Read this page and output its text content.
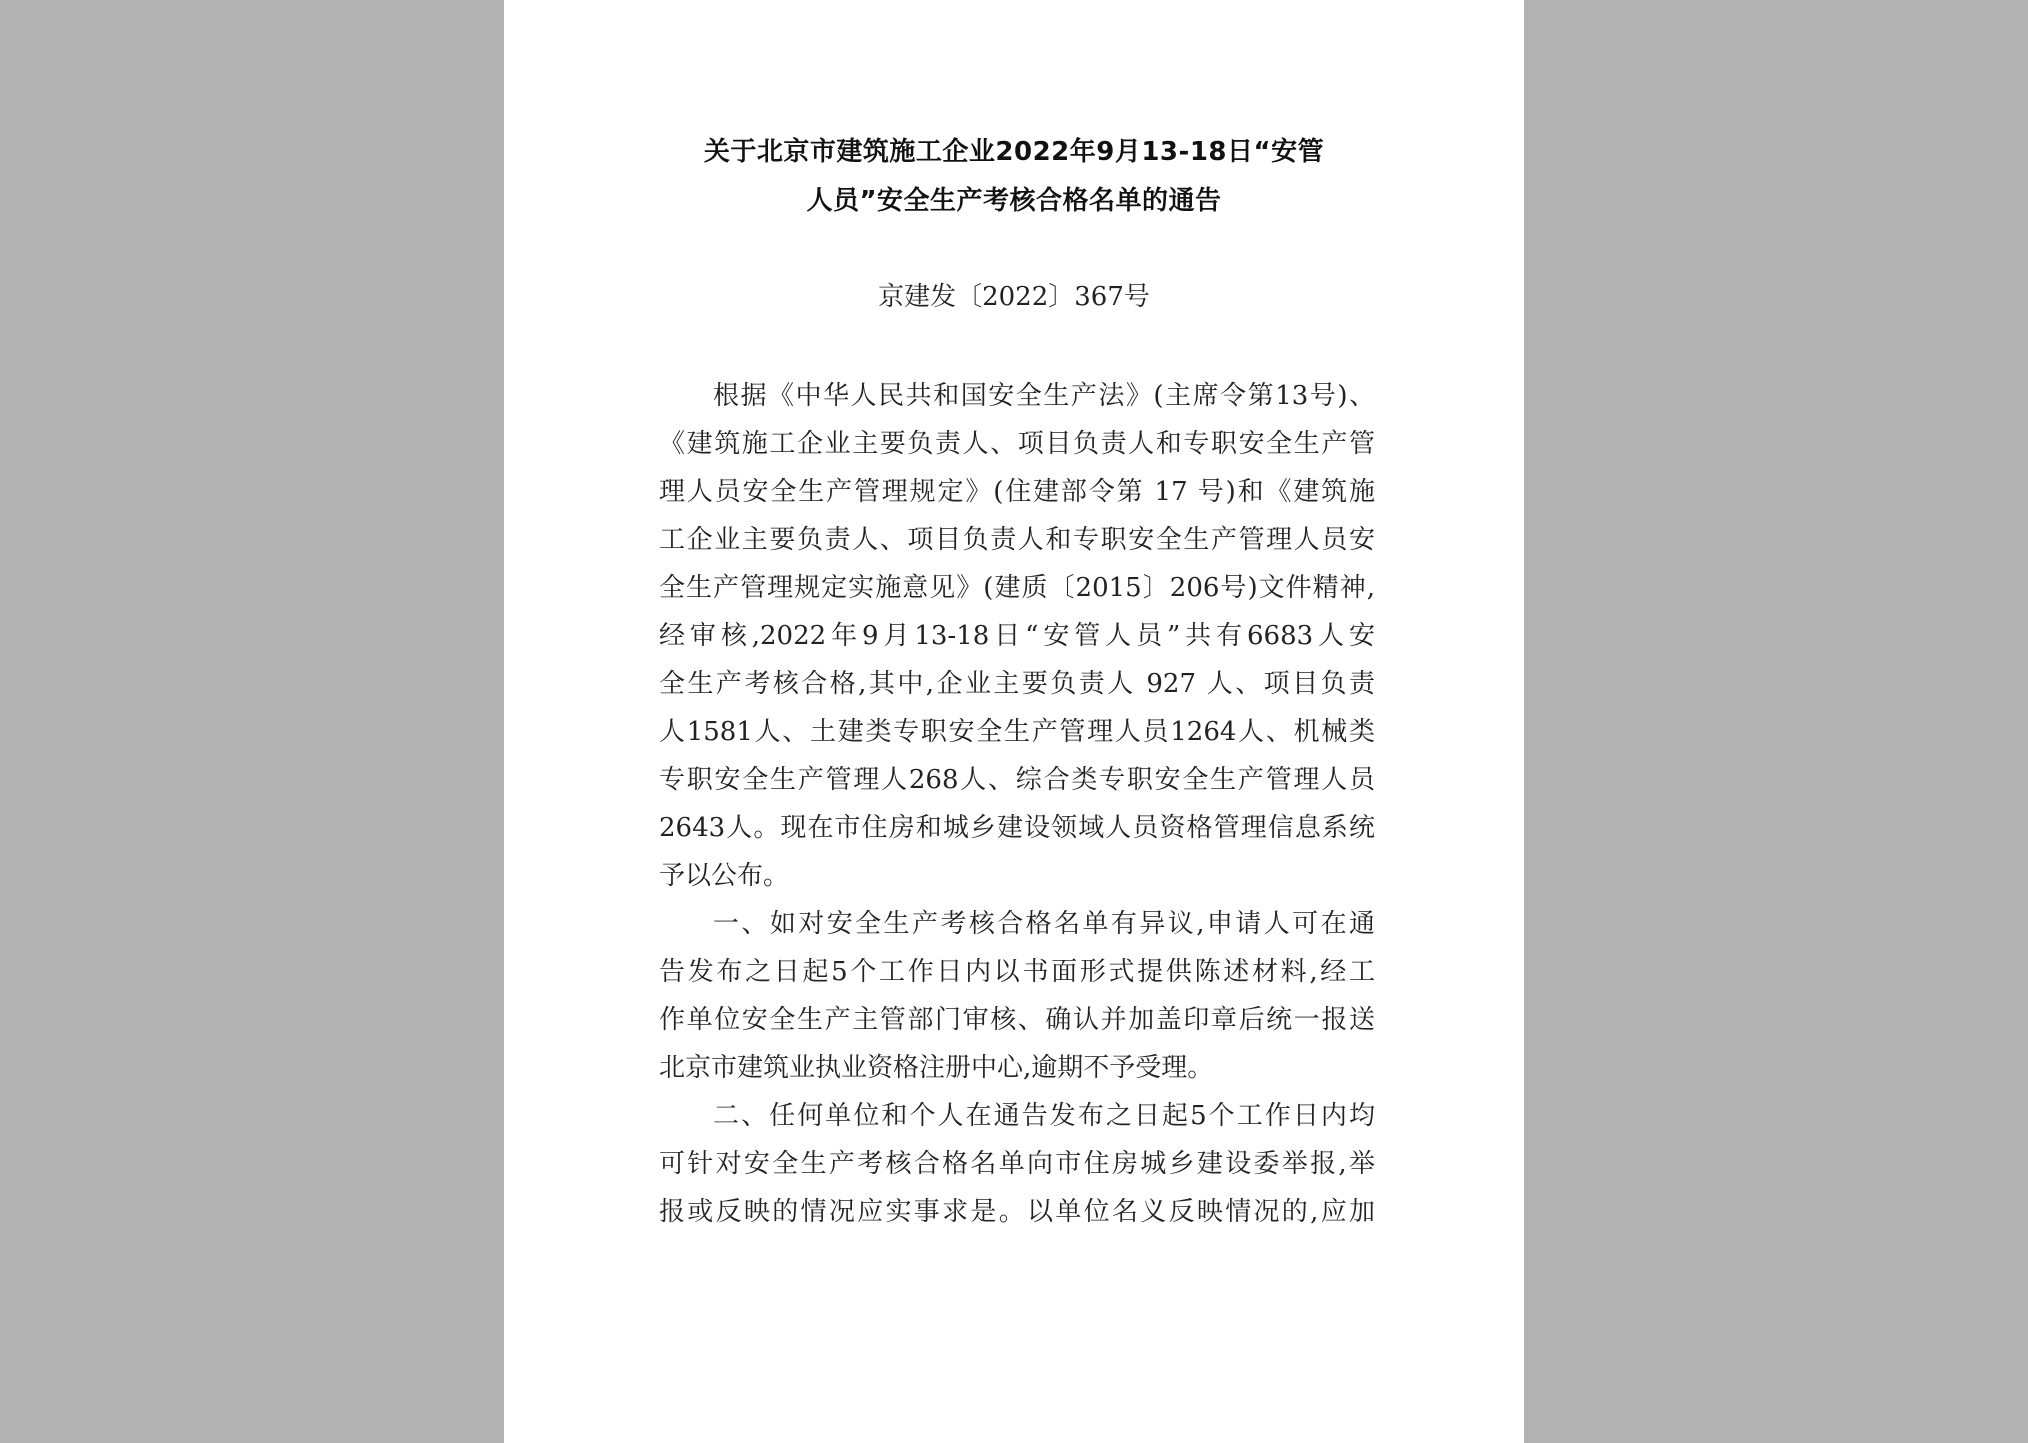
关于北京市建筑施工企业2022年9月13-18日“安管
人员”安全生产考核合格名单的通告
京建发〔2022〕367号
根据《中华人民共和国安全生产法》(主席令第13号)、
《建筑施工企业主要负责人、项目负责人和专职安全生产管
理人员安全生产管理规定》(住建部令第 17 号)和《建筑施
工企业主要负责人、项目负责人和专职安全生产管理人员安
全生产管理规定实施意见》(建质〔2015〕206号)文件精神,
经审核,2022年9月13-18日“安管人员”共有6683人安
全生产考核合格,其中,企业主要负责人 927 人、项目负责
人1581人、土建类专职安全生产管理人员1264人、机械类
专职安全生产管理人268人、综合类专职安全生产管理人员
2643人。现在市住房和城乡建设领域人员资格管理信息系统
予以公布。
一、如对安全生产考核合格名单有异议,申请人可在通
告发布之日起5个工作日内以书面形式提供陈述材料,经工
作单位安全生产主管部门审核、确认并加盖印章后统一报送
北京市建筑业执业资格注册中心,逾期不予受理。
二、任何单位和个人在通告发布之日起5个工作日内均
可针对安全生产考核合格名单向市住房城乡建设委举报,举
报或反映的情况应实事求是。以单位名义反映情况的,应加
